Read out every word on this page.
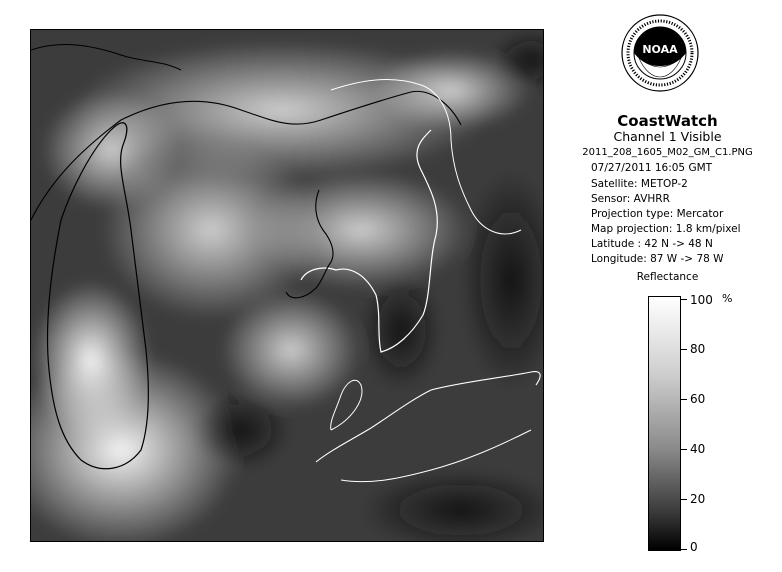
NOAA
CoastWatch
Channel 1 Visible
2011_208_1605_M02_GM_C1.PNG
07/27/2011 16:05 GMT
Satellite: METOP-2
Sensor: AVHRR
Projection type: Mercator
Map projection: 1.8 km/pixel
Latitude : 42 N -> 48 N
Longitude: 87 W -> 78 W
Reflectance
%
100
80
60
40
20
0
